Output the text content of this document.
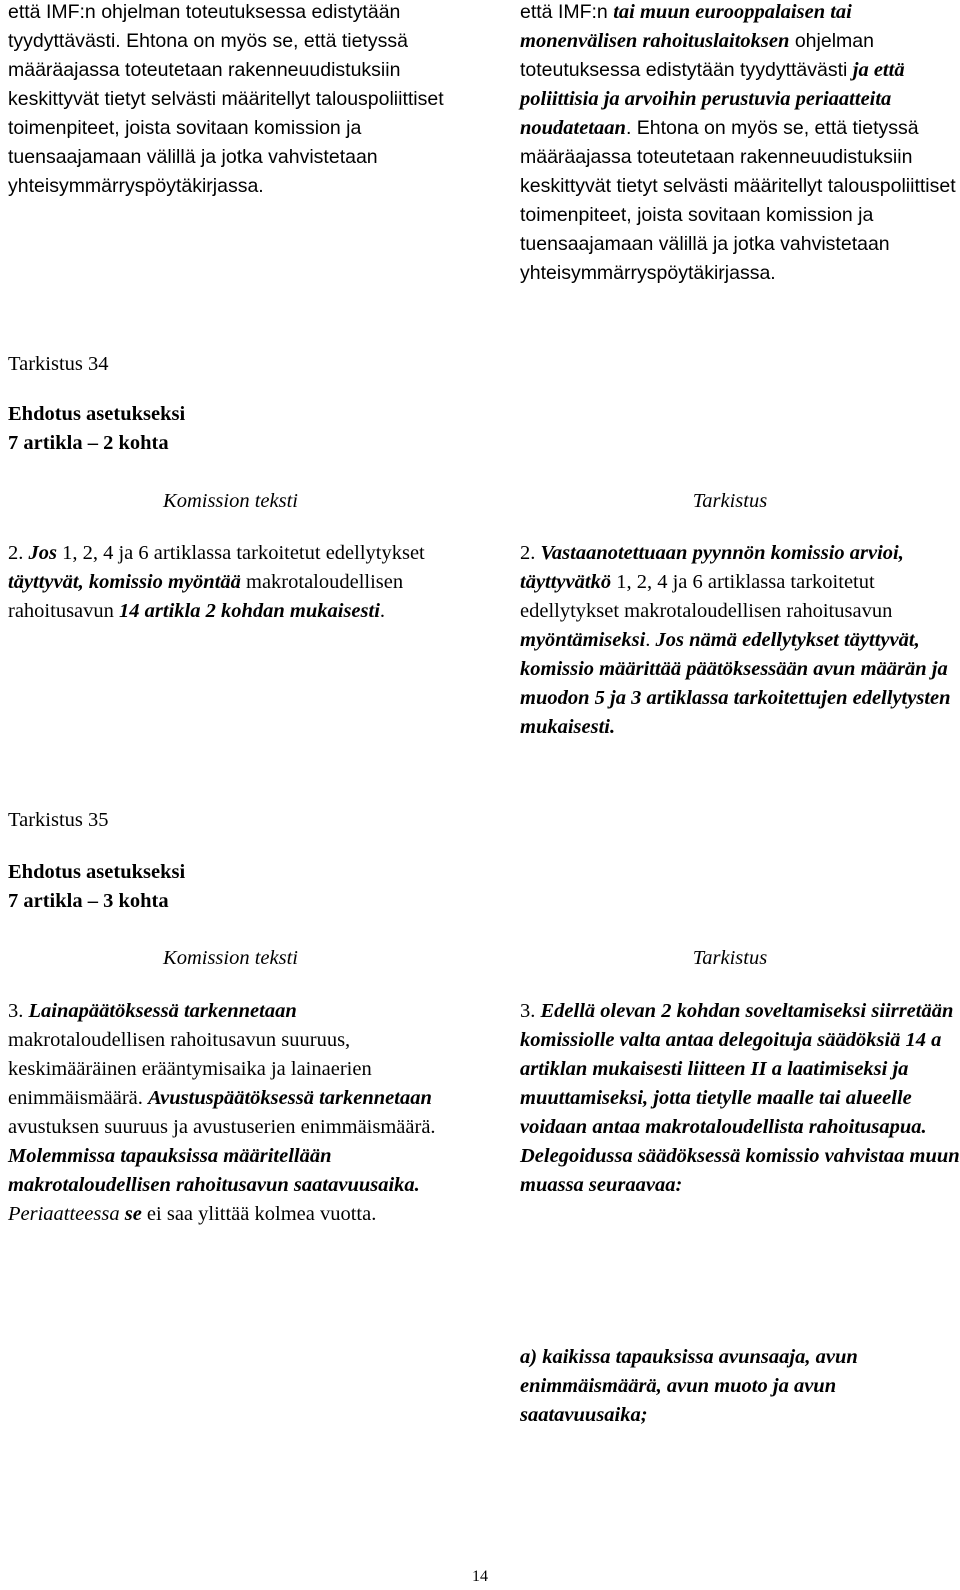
että IMF:n ohjelman toteutuksessa edistytään tyydyttävästi. Ehtona on myös se, että tietyssä määräajassa toteutetaan rakenneuudistuksiin keskittyvät tietyt selvästi määritellyt talouspoliittiset toimenpiteet, joista sovitaan komission ja tuensaajamaan välillä ja jotka vahvistetaan yhteisymmärryspöytäkirjassa.

että IMF:n tai muun eurooppalaisen tai monenvälisen rahoituslaitoksen ohjelman toteutuksessa edistytään tyydyttävästi ja että poliittisia ja arvoihin perustuvia periaatteita noudatetaan. Ehtona on myös se, että tietyssä määräajassa toteutetaan rakenneuudistuksiin keskittyvät tietyt selvästi määritellyt talouspoliittiset toimenpiteet, joista sovitaan komission ja tuensaajamaan välillä ja jotka vahvistetaan yhteisymmärryspöytäkirjassa.

Tarkistus 34
Ehdotus asetukseksi
7 artikla – 2 kohta
Komission teksti	Tarkistus

2. Jos 1, 2, 4 ja 6 artiklassa tarkoitetut edellytykset täyttyvät, komissio myöntää makrotaloudellisen rahoitusavun 14 artikla 2 kohdan mukaisesti.

2. Vastaanotettuaan pyynnön komissio arvioi, täyttyvätkö 1, 2, 4 ja 6 artiklassa tarkoitetut edellytykset makrotaloudellisen rahoitusavun myöntämiseksi. Jos nämä edellytykset täyttyvät, komissio määrittää päätöksessään avun määrän ja muodon 5 ja 3 artiklassa tarkoitettujen edellytysten mukaisesti.

Tarkistus 35
Ehdotus asetukseksi
7 artikla – 3 kohta
Komission teksti	Tarkistus

3. Lainapäätöksessä tarkennetaan makrotaloudellisen rahoitusavun suuruus, keskimääräinen erääntymisaika ja lainaerien enimmäismäärä. Avustuspäätöksessä tarkennetaan avustuksen suuruus ja avustuserien enimmäismäärä. Molemmissa tapauksissa määritellään makrotaloudellisen rahoitusavun saatavuusaika. Periaatteessa se ei saa ylittää kolmea vuotta.

3. Edellä olevan 2 kohdan soveltamiseksi siirretään komissiolle valta antaa delegoituja säädöksiä 14 a artiklan mukaisesti liitteen II a laatimiseksi ja muuttamiseksi, jotta tietylle maalle tai alueelle voidaan antaa makrotaloudellista rahoitusapua. Delegoidussa säädöksessä komissio vahvistaa muun muassa seuraavaa:

a) kaikissa tapauksissa avunsaaja, avun enimmäismäärä, avun muoto ja avun saatavuusaika;

14
